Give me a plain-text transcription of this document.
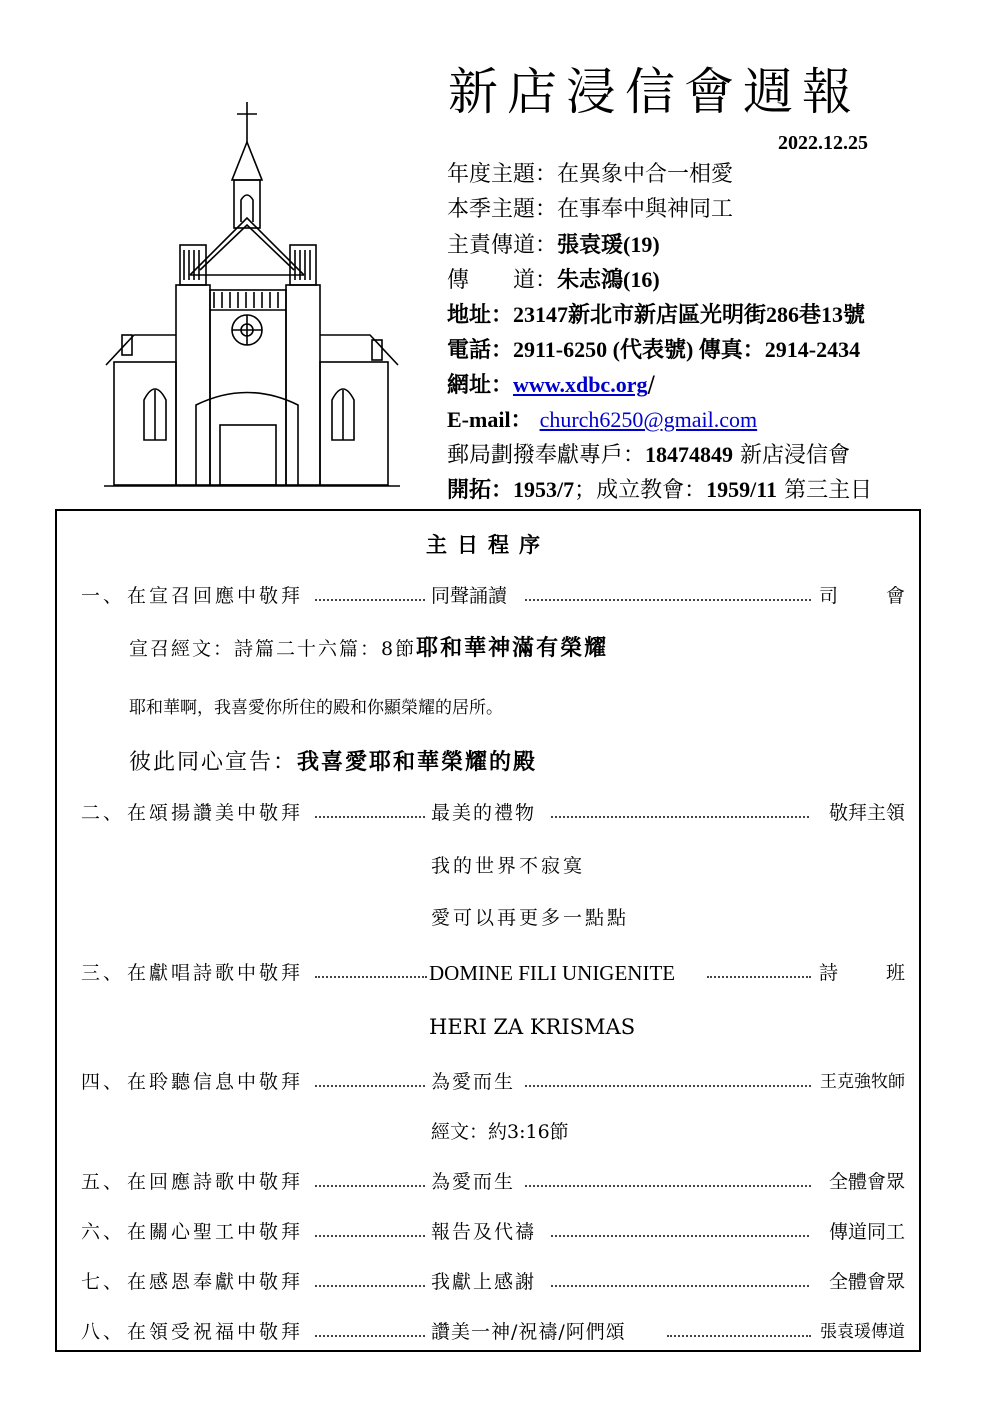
新店浸信會週報
2022.12.25
年度主題：在異象中合一相愛
本季主題：在事奉中與神同工
主責傳道：張袁瑗(19)
傳　　道：朱志鴻(16)
地址：23147新北市新店區光明街286巷13號
電話：2911-6250 (代表號) 傳真：2914-2434
網址：www.xdbc.org/
E-mail： church6250@gmail.com
郵局劃撥奉獻專戶：18474849 新店浸信會
開拓：1953/7；成立教會：1959/11 第三主日
主日程序
一、 在宣召回應中敬拜	同聲誦讀	司會
宣召經文：詩篇二十六篇：8節耶和華神滿有榮耀
耶和華啊，我喜愛你所住的殿和你顯榮耀的居所。
彼此同心宣告：我喜愛耶和華榮耀的殿
二、 在頌揚讚美中敬拜	最美的禮物	敬拜主領
我的世界不寂寞
愛可以再更多一點點
三、 在獻唱詩歌中敬拜	DOMINE FILI UNIGENITE	詩班
HERI ZA KRISMAS
四、 在聆聽信息中敬拜	為愛而生	王克強牧師
經文：約3:16節
五、 在回應詩歌中敬拜	為愛而生	全體會眾
六、 在關心聖工中敬拜	報告及代禱	傳道同工
七、 在感恩奉獻中敬拜	我獻上感謝	全體會眾
八、 在領受祝福中敬拜	讚美一神/祝禱/阿們頌	張袁瑗傳道
